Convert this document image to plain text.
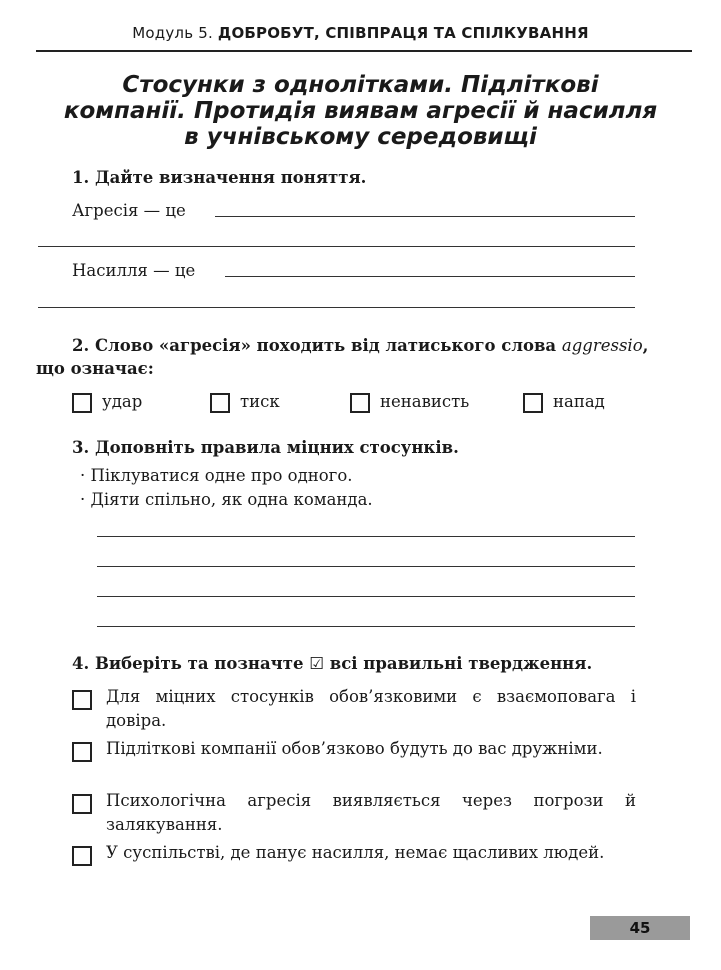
Модуль 5. ДОБРОБУТ, СПІВПРАЦЯ ТА СПІЛКУВАННЯ
Стосунки з однолітками. Підліткові
компанії. Протидія виявам агресії й насилля
в учнівському середовищі
1. Дайте визначення поняття.
Агресія — це
Насилля — це
2. Слово «агресія» походить від латиського слова aggressio,
що означає:
удар	тиск	ненависть	напад
3. Доповніть правила міцних стосунків.
· Піклуватися одне про одного.
· Діяти спільно, як одна команда.
4. Виберіть та позначте ☑ всі правильні твердження.
Для міцних стосунків обов’язковими є взаємоповага і довіра.
Підліткові компанії обов’язково будуть до вас дружніми.
Психологічна агресія виявляється через погрози й залякування.
У суспільстві, де панує насилля, немає щасливих людей.
45
